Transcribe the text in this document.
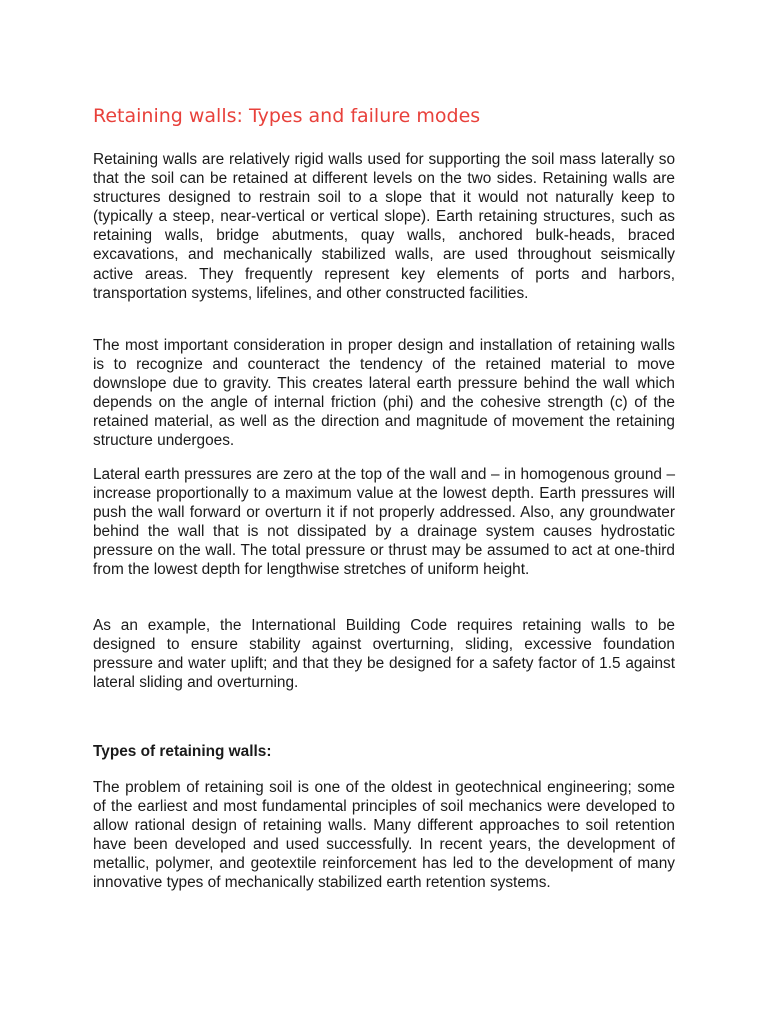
Retaining walls: Types and failure modes

Retaining walls are relatively rigid walls used for supporting the soil mass laterally so that the soil can be retained at different levels on the two sides. Retaining walls are structures designed to restrain soil to a slope that it would not naturally keep to (typically a steep, near-vertical or vertical slope). Earth retaining structures, such as retaining walls, bridge abutments, quay walls, anchored bulk-heads, braced excavations, and mechanically stabilized walls, are used throughout seismically active areas. They frequently represent key elements of ports and harbors, transportation systems, lifelines, and other constructed facilities.

The most important consideration in proper design and installation of retaining walls is to recognize and counteract the tendency of the retained material to move downslope due to gravity. This creates lateral earth pressure behind the wall which depends on the angle of internal friction (phi) and the cohesive strength (c) of the retained material, as well as the direction and magnitude of movement the retaining structure undergoes.

Lateral earth pressures are zero at the top of the wall and – in homogenous ground – increase proportionally to a maximum value at the lowest depth. Earth pressures will push the wall forward or overturn it if not properly addressed. Also, any groundwater behind the wall that is not dissipated by a drainage system causes hydrostatic pressure on the wall. The total pressure or thrust may be assumed to act at one-third from the lowest depth for lengthwise stretches of uniform height.

As an example, the International Building Code requires retaining walls to be designed to ensure stability against overturning, sliding, excessive foundation pressure and water uplift; and that they be designed for a safety factor of 1.5 against lateral sliding and overturning.

Types of retaining walls:

The problem of retaining soil is one of the oldest in geotechnical engineering; some of the earliest and most fundamental principles of soil mechanics were developed to allow rational design of retaining walls. Many different approaches to soil retention have been developed and used successfully. In recent years, the development of metallic, polymer, and geotextile reinforcement has led to the development of many innovative types of mechanically stabilized earth retention systems.
